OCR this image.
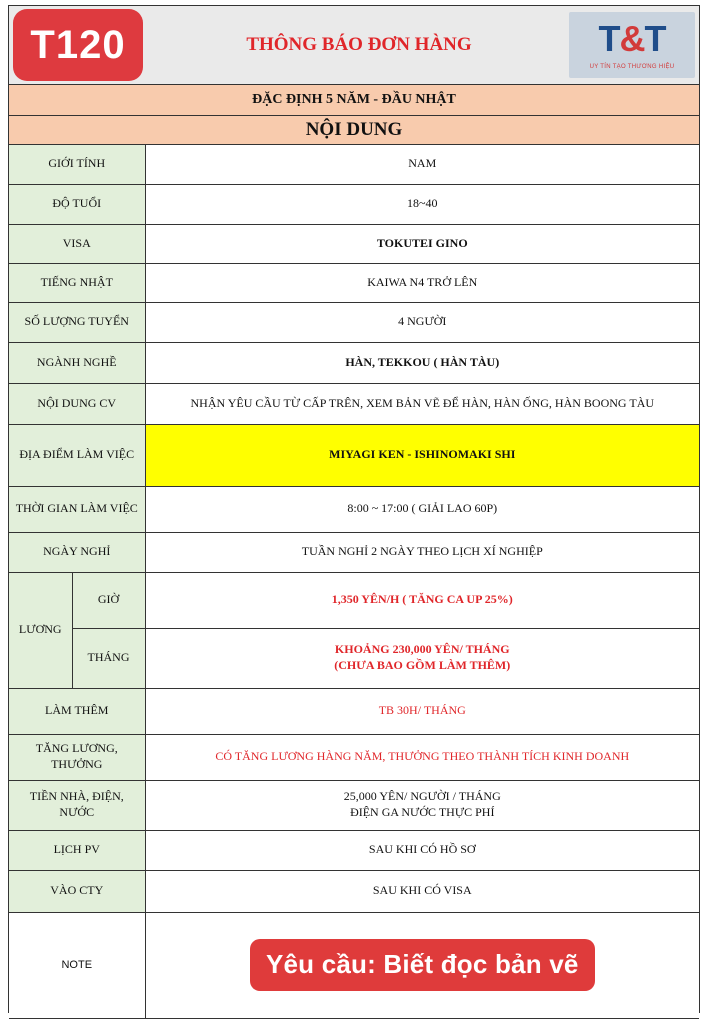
T120	THÔNG BÁO ĐƠN HÀNG	T&T
UY TÍN TẠO THƯƠNG HIỆU
ĐẶC ĐỊNH 5 NĂM - ĐẦU NHẬT
NỘI DUNG
GIỚI TÍNH		NAM
ĐỘ TUỔI		18~40
VISA		TOKUTEI GINO
TIẾNG NHẬT		KAIWA N4 TRỞ LÊN
SỐ LƯỢNG TUYỂN		4 NGƯỜI
NGÀNH NGHỀ		HÀN, TEKKOU ( HÀN TÀU)
NỘI DUNG CV		NHẬN YÊU CẦU TỪ CẤP TRÊN, XEM BẢN VẼ ĐỂ HÀN, HÀN ỐNG, HÀN BOONG TÀU
ĐỊA ĐIỂM LÀM VIỆC		MIYAGI KEN - ISHINOMAKI SHI
THỜI GIAN LÀM VIỆC		8:00 ~ 17:00 ( GIẢI LAO 60P)
NGÀY NGHỈ		TUẦN NGHỈ 2 NGÀY THEO LỊCH XÍ NGHIỆP
LƯƠNG	GIỜ	1,350 YÊN/H ( TĂNG CA UP 25%)
	THÁNG	KHOẢNG 230,000 YÊN/ THÁNG
(CHƯA BAO GỒM LÀM THÊM)

LÀM THÊM		TB 30H/ THÁNG
TĂNG LƯƠNG, THƯỞNG		CÓ TĂNG LƯƠNG HÀNG NĂM, THƯỞNG THEO THÀNH TÍCH KINH DOANH
TIỀN NHÀ, ĐIỆN, NƯỚC		25,000 YÊN/ NGƯỜI / THÁNG
ĐIỆN GA NƯỚC THỰC PHÍ

LỊCH PV		SAU KHI CÓ HỒ SƠ
VÀO CTY		SAU KHI CÓ VISA
NOTE		Yêu cầu: Biết đọc bản vẽ
